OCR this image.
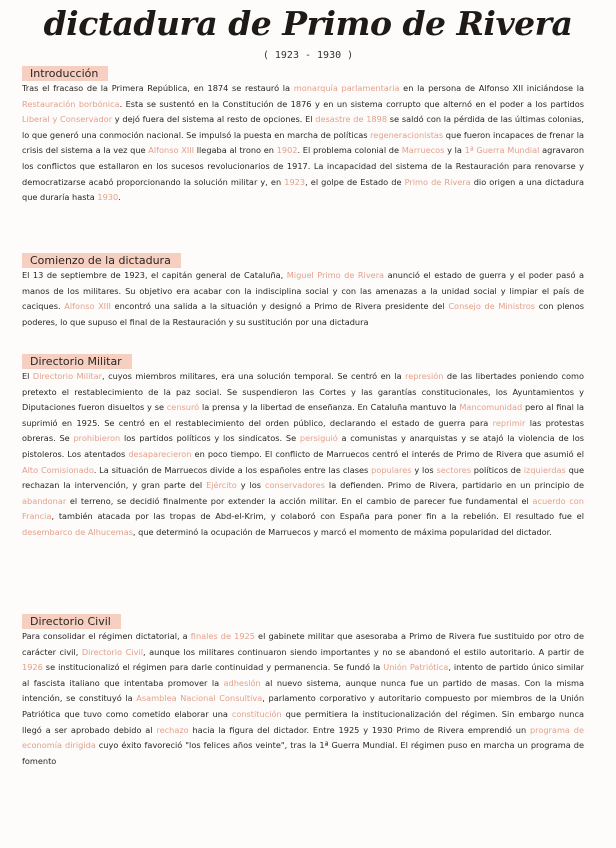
dictadura de Primo de Rivera
( 1923 - 1930 )
Introducción

Tras el fracaso de la Primera República, en 1874 se restauró la monarquía parlamentaria en la persona de Alfonso XII iniciándose la Restauración borbónica. Esta se sustentó en la Constitución de 1876 y en un sistema corrupto que alternó en el poder a los partidos Liberal y Conservador y dejó fuera del sistema al resto de opciones. El desastre de 1898 se saldó con la pérdida de las últimas colonias, lo que generó una conmoción nacional. Se impulsó la puesta en marcha de políticas regeneracionistas que fueron incapaces de frenar la crisis del sistema a la vez que Alfonso XIII llegaba al trono en 1902. El problema colonial de Marruecos y la 1ª Guerra Mundial agravaron los conflictos que estallaron en los sucesos revolucionarios de 1917. La incapacidad del sistema de la Restauración para renovarse y democratizarse acabó proporcionando la solución militar y, en 1923, el golpe de Estado de Primo de Rivera dio origen a una dictadura que duraría hasta 1930.

Comienzo de la dictadura

El 13 de septiembre de 1923, el capitán general de Cataluña, Miguel Primo de Rivera anunció el estado de guerra y el poder pasó a manos de los militares. Su objetivo era acabar con la indisciplina social y con las amenazas a la unidad social y limpiar el país de caciques. Alfonso XIII encontró una salida a la situación y designó a Primo de Rivera presidente del Consejo de Ministros con plenos poderes, lo que supuso el final de la Restauración y su sustitución por una dictadura

Directorio Militar

El Directorio Militar, cuyos miembros militares, era una solución temporal. Se centró en la represión de las libertades poniendo como pretexto el restablecimiento de la paz social. Se suspendieron las Cortes y las garantías constitucionales, los Ayuntamientos y Diputaciones fueron disueltos y se censuró la prensa y la libertad de enseñanza. En Cataluña mantuvo la Mancomunidad pero al final la suprimió en 1925. Se centró en el restablecimiento del orden público, declarando el estado de guerra para reprimir las protestas obreras. Se prohibieron los partidos políticos y los sindicatos. Se persiguió a comunistas y anarquistas y se atajó la violencia de los pistoleros. Los atentados desaparecieron en poco tiempo. El conflicto de Marruecos centró el interés de Primo de Rivera que asumió el Alto Comisionado. La situación de Marruecos divide a los españoles entre las clases populares y los sectores políticos de izquierdas que rechazan la intervención, y gran parte del Ejército y los conservadores la defienden. Primo de Rivera, partidario en un principio de abandonar el terreno, se decidió finalmente por extender la acción militar. En el cambio de parecer fue fundamental el acuerdo con Francia, también atacada por las tropas de Abd-el-Krim, y colaboró con España para poner fin a la rebelión. El resultado fue el desembarco de Alhucemas, que determinó la ocupación de Marruecos y marcó el momento de máxima popularidad del dictador.

Directorio Civil

Para consolidar el régimen dictatorial, a finales de 1925 el gabinete militar que asesoraba a Primo de Rivera fue sustituido por otro de carácter civil, Directorio Civil, aunque los militares continuaron siendo importantes y no se abandonó el estilo autoritario. A partir de 1926 se institucionalizó el régimen para darle continuidad y permanencia. Se fundó la Unión Patriótica, intento de partido único similar al fascista italiano que intentaba promover la adhesión al nuevo sistema, aunque nunca fue un partido de masas. Con la misma intención, se constituyó la Asamblea Nacional Consultiva, parlamento corporativo y autoritario compuesto por miembros de la Unión Patriótica que tuvo como cometido elaborar una constitución que permitiera la institucionalización del régimen. Sin embargo nunca llegó a ser aprobado debido al rechazo hacia la figura del dictador. Entre 1925 y 1930 Primo de Rivera emprendió un programa de economía dirigida cuyo éxito favoreció "los felices años veinte", tras la 1ª Guerra Mundial. El régimen puso en marcha un programa de fomento
